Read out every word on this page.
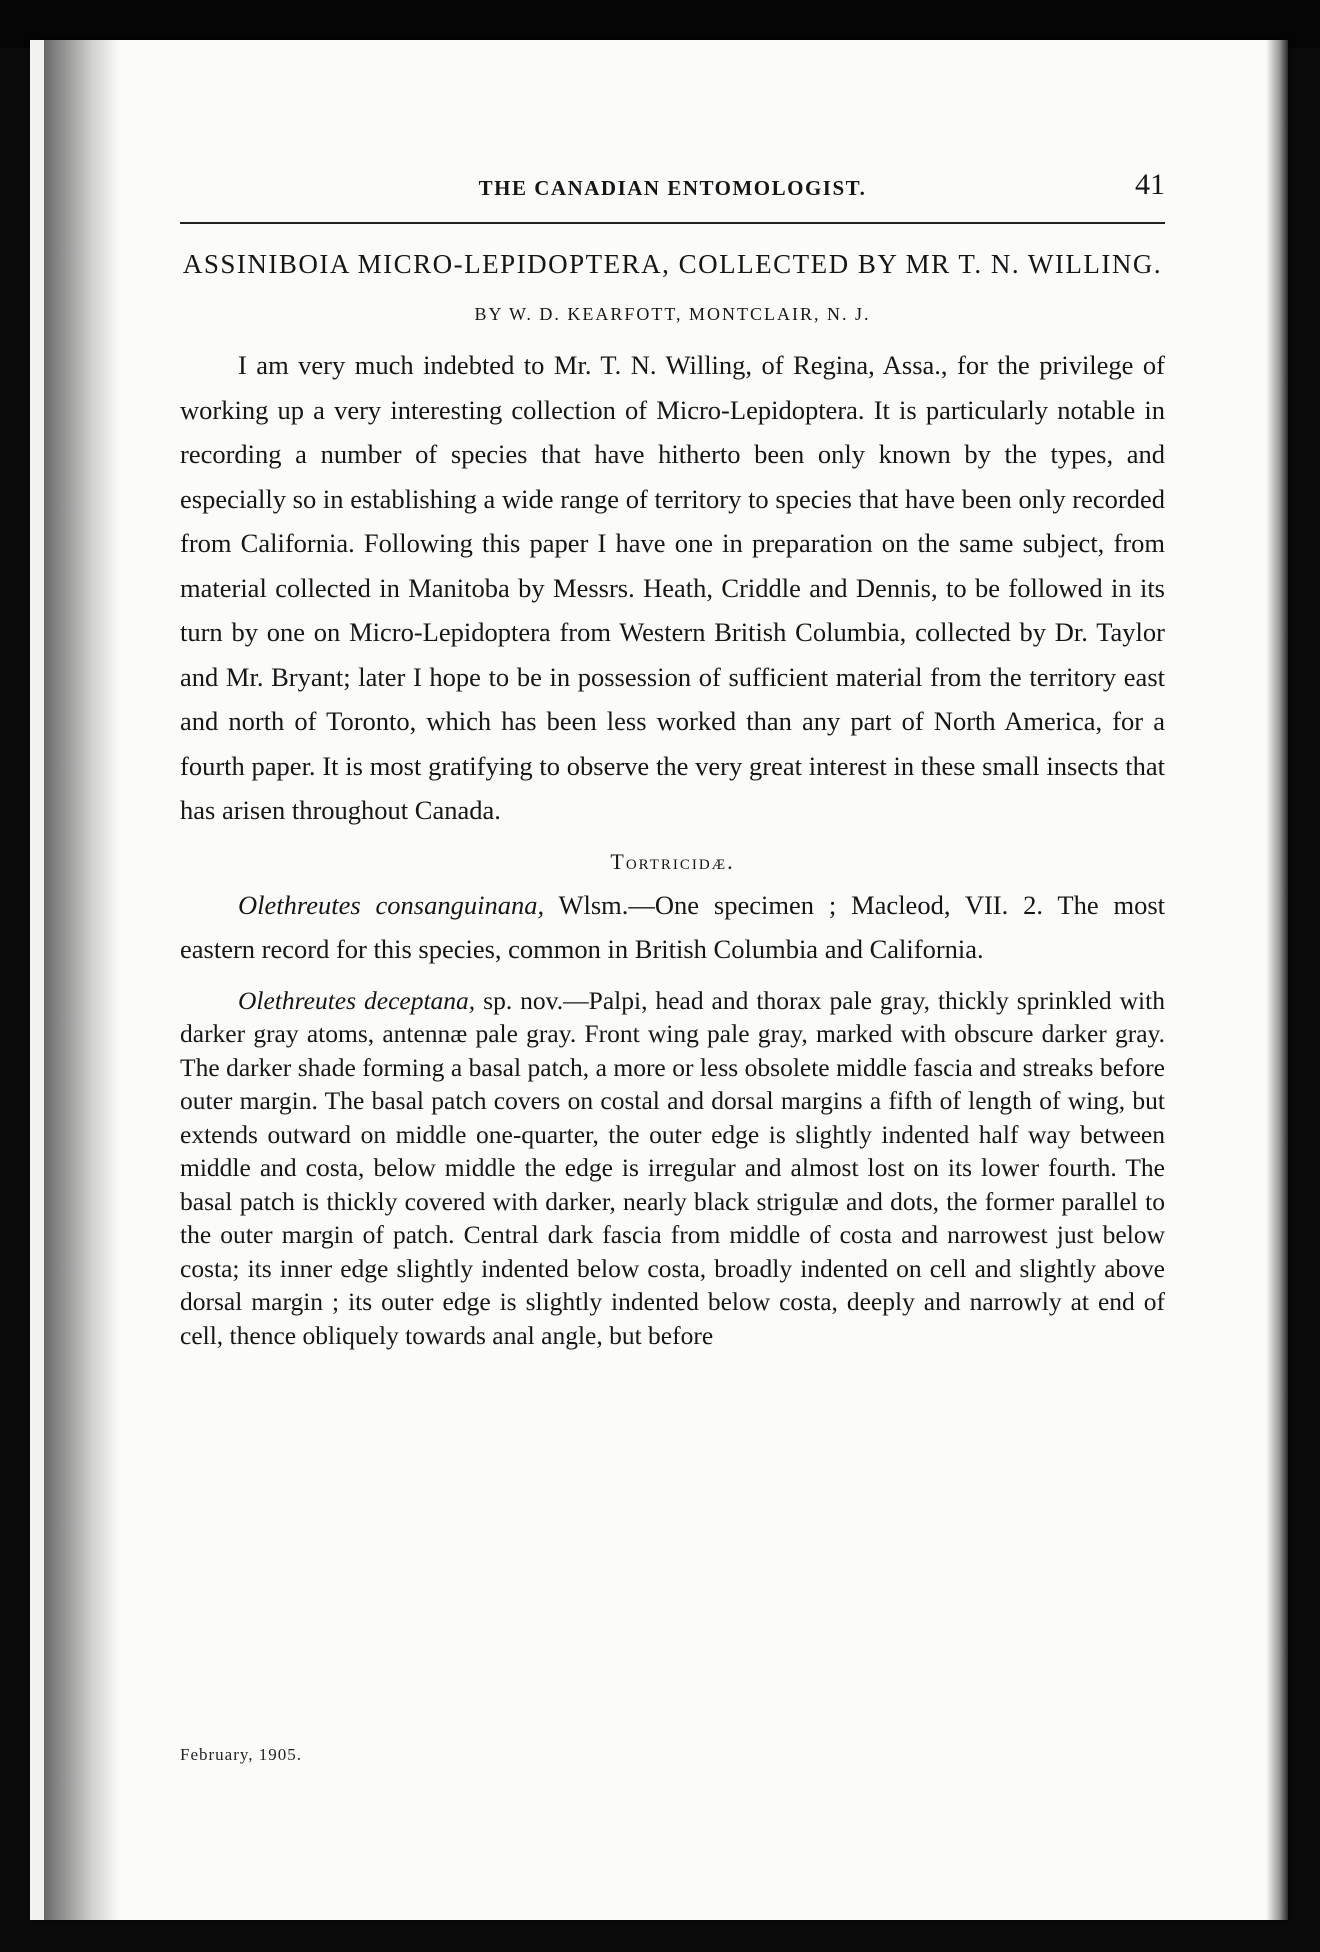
THE CANADIAN ENTOMOLOGIST.	41
ASSINIBOIA MICRO-LEPIDOPTERA, COLLECTED BY MR T. N. WILLING.
BY W. D. KEARFOTT, MONTCLAIR, N. J.

I am very much indebted to Mr. T. N. Willing, of Regina, Assa., for the privilege of working up a very interesting collection of Micro-Lepidoptera. It is particularly notable in recording a number of species that have hitherto been only known by the types, and especially so in establishing a wide range of territory to species that have been only recorded from California. Following this paper I have one in preparation on the same subject, from material collected in Manitoba by Messrs. Heath, Criddle and Dennis, to be followed in its turn by one on Micro-Lepidoptera from Western British Columbia, collected by Dr. Taylor and Mr. Bryant; later I hope to be in possession of sufficient material from the territory east and north of Toronto, which has been less worked than any part of North America, for a fourth paper. It is most gratifying to observe the very great interest in these small insects that has arisen throughout Canada.

Tortricidæ.

Olethreutes consanguinana, Wlsm.—One specimen ; Macleod, VII. 2. The most eastern record for this species, common in British Columbia and California.

Olethreutes deceptana, sp. nov.—Palpi, head and thorax pale gray, thickly sprinkled with darker gray atoms, antennæ pale gray. Front wing pale gray, marked with obscure darker gray. The darker shade forming a basal patch, a more or less obsolete middle fascia and streaks before outer margin. The basal patch covers on costal and dorsal margins a fifth of length of wing, but extends outward on middle one-quarter, the outer edge is slightly indented half way between middle and costa, below middle the edge is irregular and almost lost on its lower fourth. The basal patch is thickly covered with darker, nearly black strigulæ and dots, the former parallel to the outer margin of patch. Central dark fascia from middle of costa and narrowest just below costa; its inner edge slightly indented below costa, broadly indented on cell and slightly above dorsal margin ; its outer edge is slightly indented below costa, deeply and narrowly at end of cell, thence obliquely towards anal angle, but before

February, 1905.
